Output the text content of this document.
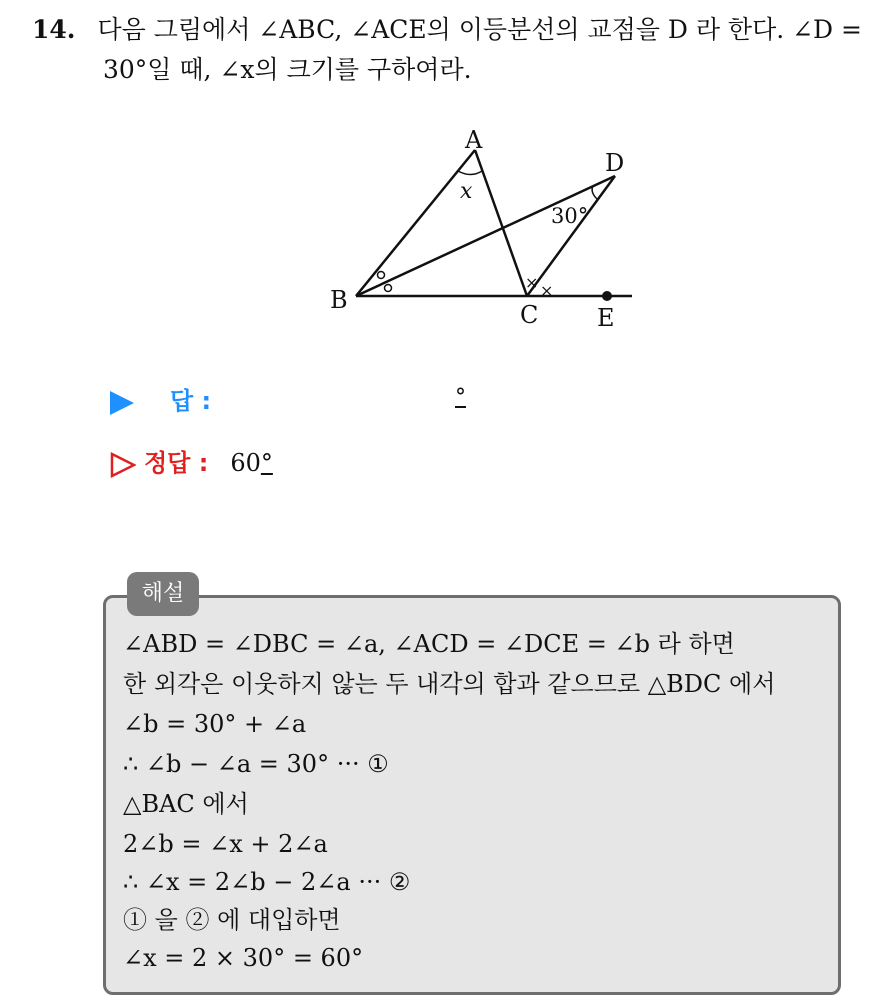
14. 다음 그림에서 ∠ABC, ∠ACE의 이등분선의 교점을 D 라 한다. ∠D =
30°일 때, ∠x의 크기를 구하여라.
× ×
A
D
B
C E
x
30°
답 :	°
정답 : 60°
해설
∠ABD = ∠DBC = ∠a, ∠ACD = ∠DCE = ∠b 라 하면
한 외각은 이웃하지 않는 두 내각의 합과 같으므로 △BDC 에서
∠b = 30° + ∠a
∴ ∠b − ∠a = 30° ··· ①
△BAC 에서
2∠b = ∠x + 2∠a
∴ ∠x = 2∠b − 2∠a ··· ②
① 을 ② 에 대입하면
∠x = 2 × 30° = 60°
